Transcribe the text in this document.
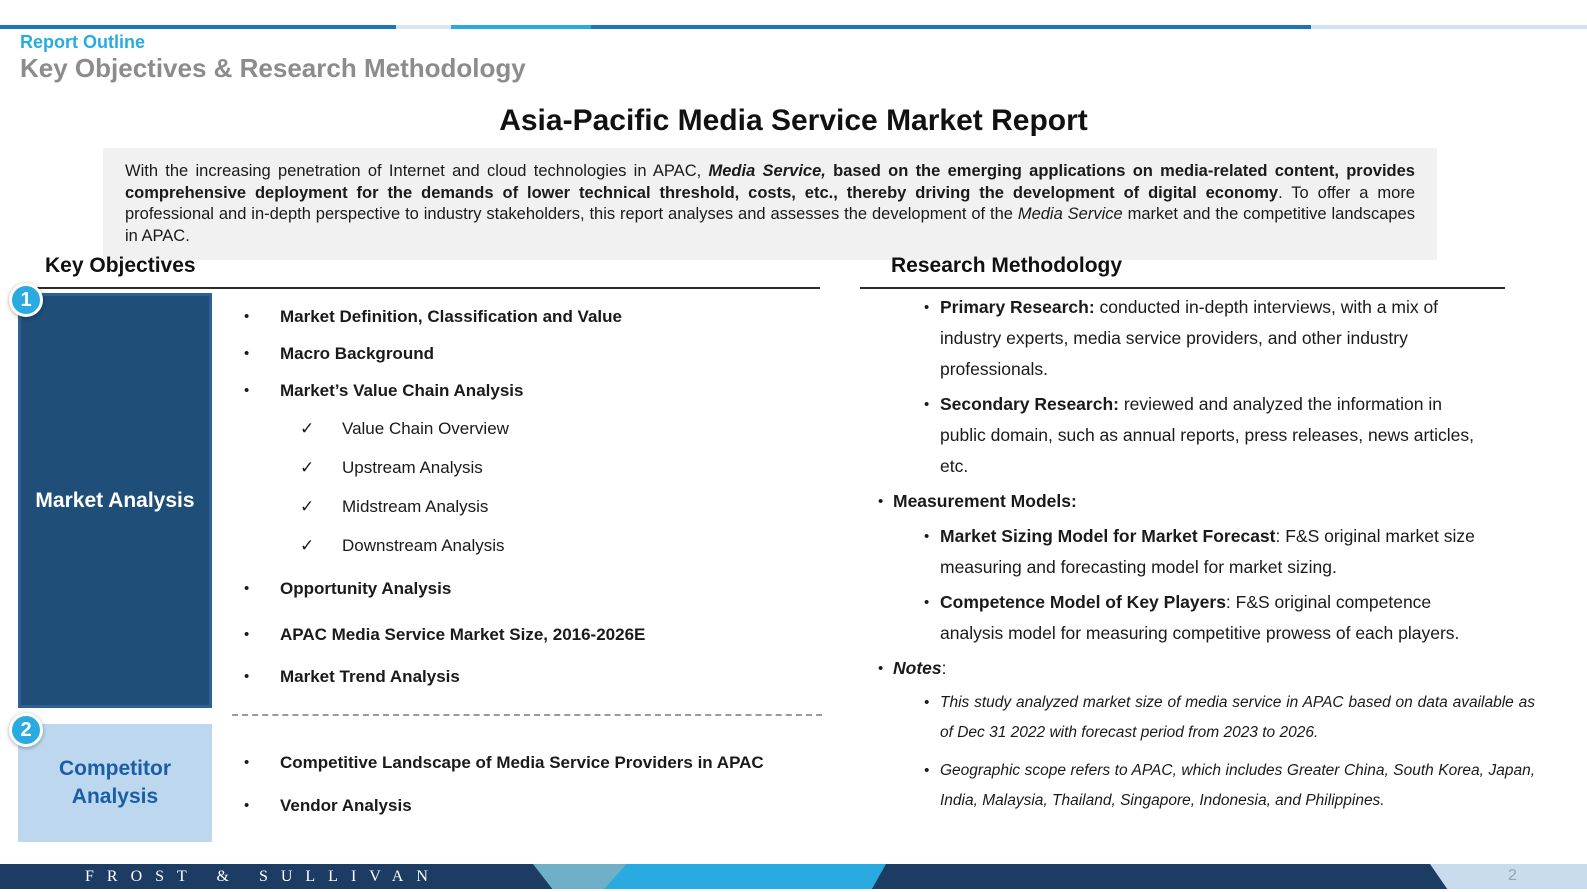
Report Outline
Key Objectives & Research Methodology
Asia-Pacific Media Service Market Report
With the increasing penetration of Internet and cloud technologies in APAC, Media Service, based on the emerging applications on media-related content, provides comprehensive deployment for the demands of lower technical threshold, costs, etc., thereby driving the development of digital economy. To offer a more professional and in-depth perspective to industry stakeholders, this report analyses and assesses the development of the Media Service market and the competitive landscapes in APAC.
Key Objectives	Research Methodology
1
Market Analysis
•	Market Definition, Classification and Value
•	Macro Background
•	Market’s Value Chain Analysis
✓	Value Chain Overview
✓	Upstream Analysis
✓	Midstream Analysis
✓	Downstream Analysis
•	Opportunity Analysis
•	APAC Media Service Market Size, 2016-2026E
•	Market Trend Analysis
2
Competitor Analysis
•	Competitive Landscape of Media Service Providers in APAC
•	Vendor Analysis
• Primary Research: conducted in-depth interviews, with a mix of industry experts, media service providers, and other industry professionals.
• Secondary Research: reviewed and analyzed the information in public domain, such as annual reports, press releases, news articles, etc.
• Measurement Models:
• Market Sizing Model for Market Forecast: F&S original market size measuring and forecasting model for market sizing.
• Competence Model of Key Players: F&S original competence analysis model for measuring competitive prowess of each players.
• Notes:
• This study analyzed market size of media service in APAC based on data available as of Dec 31 2022 with forecast period from 2023 to 2026.
• Geographic scope refers to APAC, which includes Greater China, South Korea, Japan, India, Malaysia, Thailand, Singapore, Indonesia, and Philippines.
FROST & SULLIVAN	2
